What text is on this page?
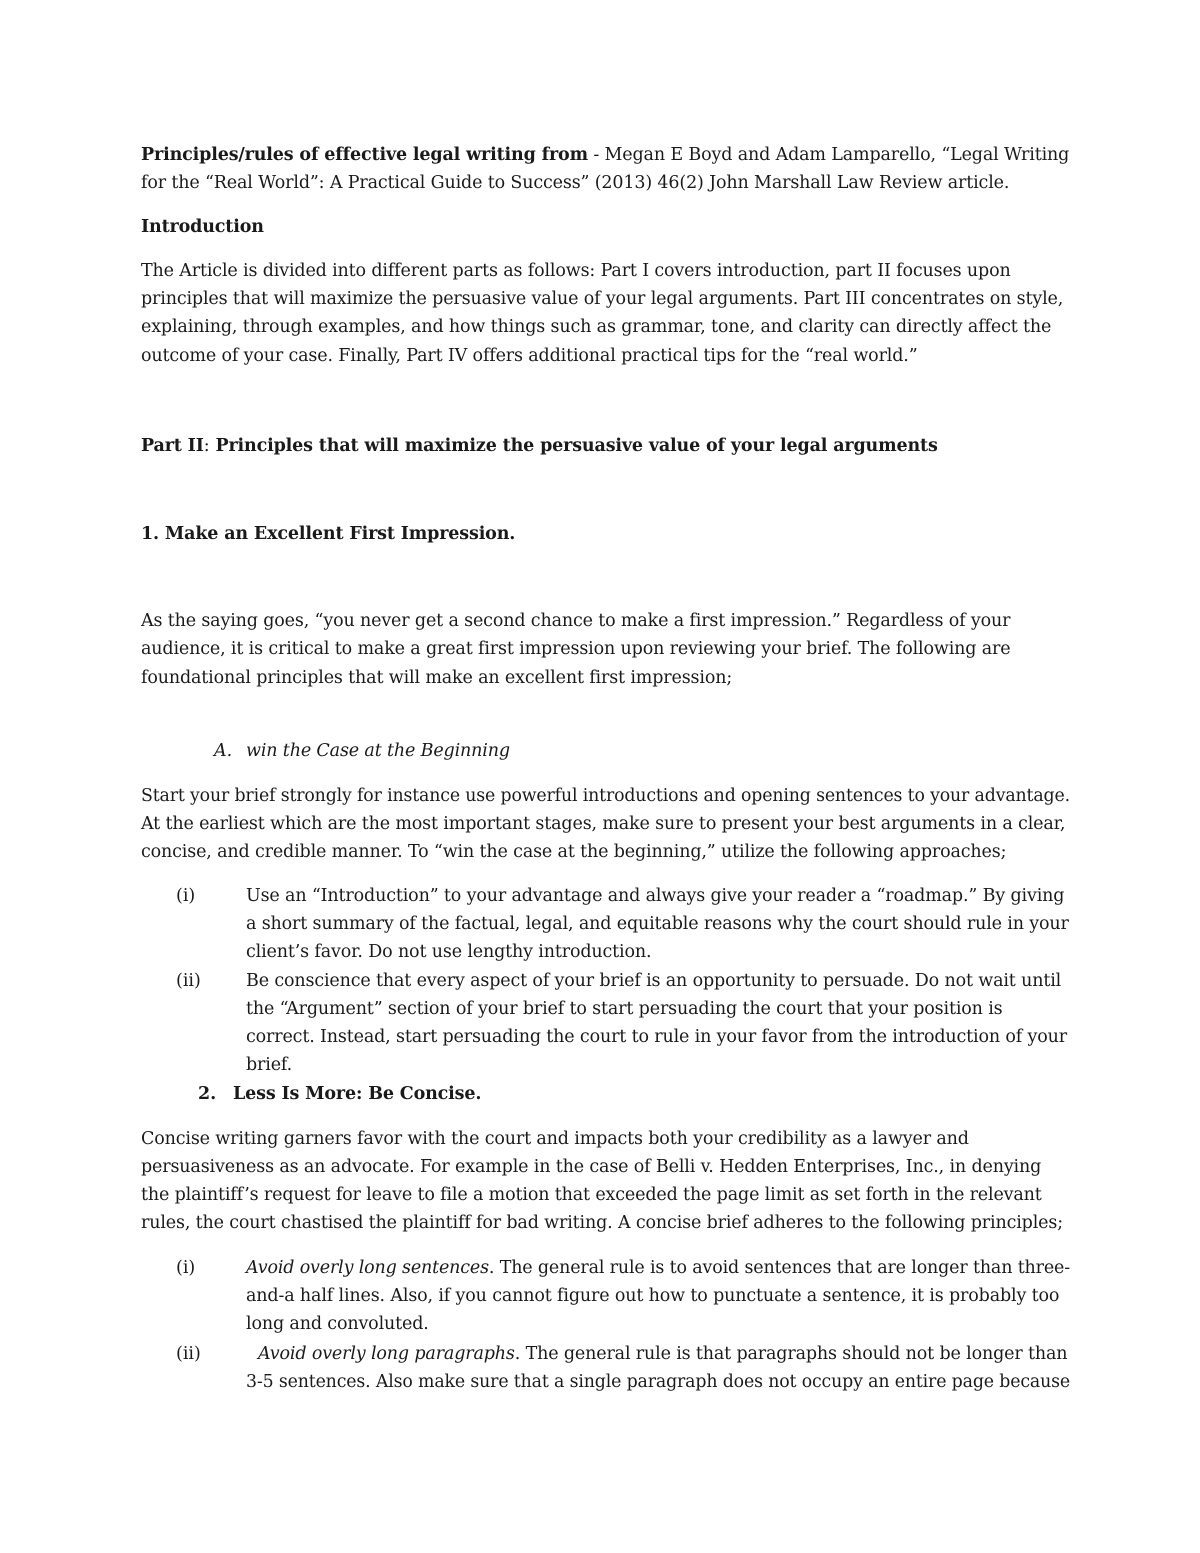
Principles/rules of effective legal writing from - Megan E Boyd and Adam Lamparello, “Legal Writing
for the “Real World”: A Practical Guide to Success” (2013) 46(2) John Marshall Law Review article.
Introduction
The Article is divided into different parts as follows: Part I covers introduction, part II focuses upon
principles that will maximize the persuasive value of your legal arguments. Part III concentrates on style,
explaining, through examples, and how things such as grammar, tone, and clarity can directly affect the
outcome of your case. Finally, Part IV offers additional practical tips for the “real world.”
Part II: Principles that will maximize the persuasive value of your legal arguments
1. Make an Excellent First Impression.
As the saying goes, “you never get a second chance to make a first impression.” Regardless of your
audience, it is critical to make a great first impression upon reviewing your brief. The following are
foundational principles that will make an excellent first impression;
A. win the Case at the Beginning
Start your brief strongly for instance use powerful introductions and opening sentences to your advantage.
At the earliest which are the most important stages, make sure to present your best arguments in a clear,
concise, and credible manner. To “win the case at the beginning,” utilize the following approaches;
(i)	Use an “Introduction” to your advantage and always give your reader a “roadmap.” By giving
a short summary of the factual, legal, and equitable reasons why the court should rule in your
client’s favor. Do not use lengthy introduction.
(ii)	Be conscience that every aspect of your brief is an opportunity to persuade. Do not wait until
the “Argument” section of your brief to start persuading the court that your position is
correct. Instead, start persuading the court to rule in your favor from the introduction of your
brief.
2. Less Is More: Be Concise.
Concise writing garners favor with the court and impacts both your credibility as a lawyer and
persuasiveness as an advocate. For example in the case of Belli v. Hedden Enterprises, Inc., in denying
the plaintiff’s request for leave to file a motion that exceeded the page limit as set forth in the relevant
rules, the court chastised the plaintiff for bad writing. A concise brief adheres to the following principles;
(i)	Avoid overly long sentences. The general rule is to avoid sentences that are longer than three-
and-a half lines. Also, if you cannot figure out how to punctuate a sentence, it is probably too
long and convoluted.
(ii)	Avoid overly long paragraphs. The general rule is that paragraphs should not be longer than
3-5 sentences. Also make sure that a single paragraph does not occupy an entire page because
